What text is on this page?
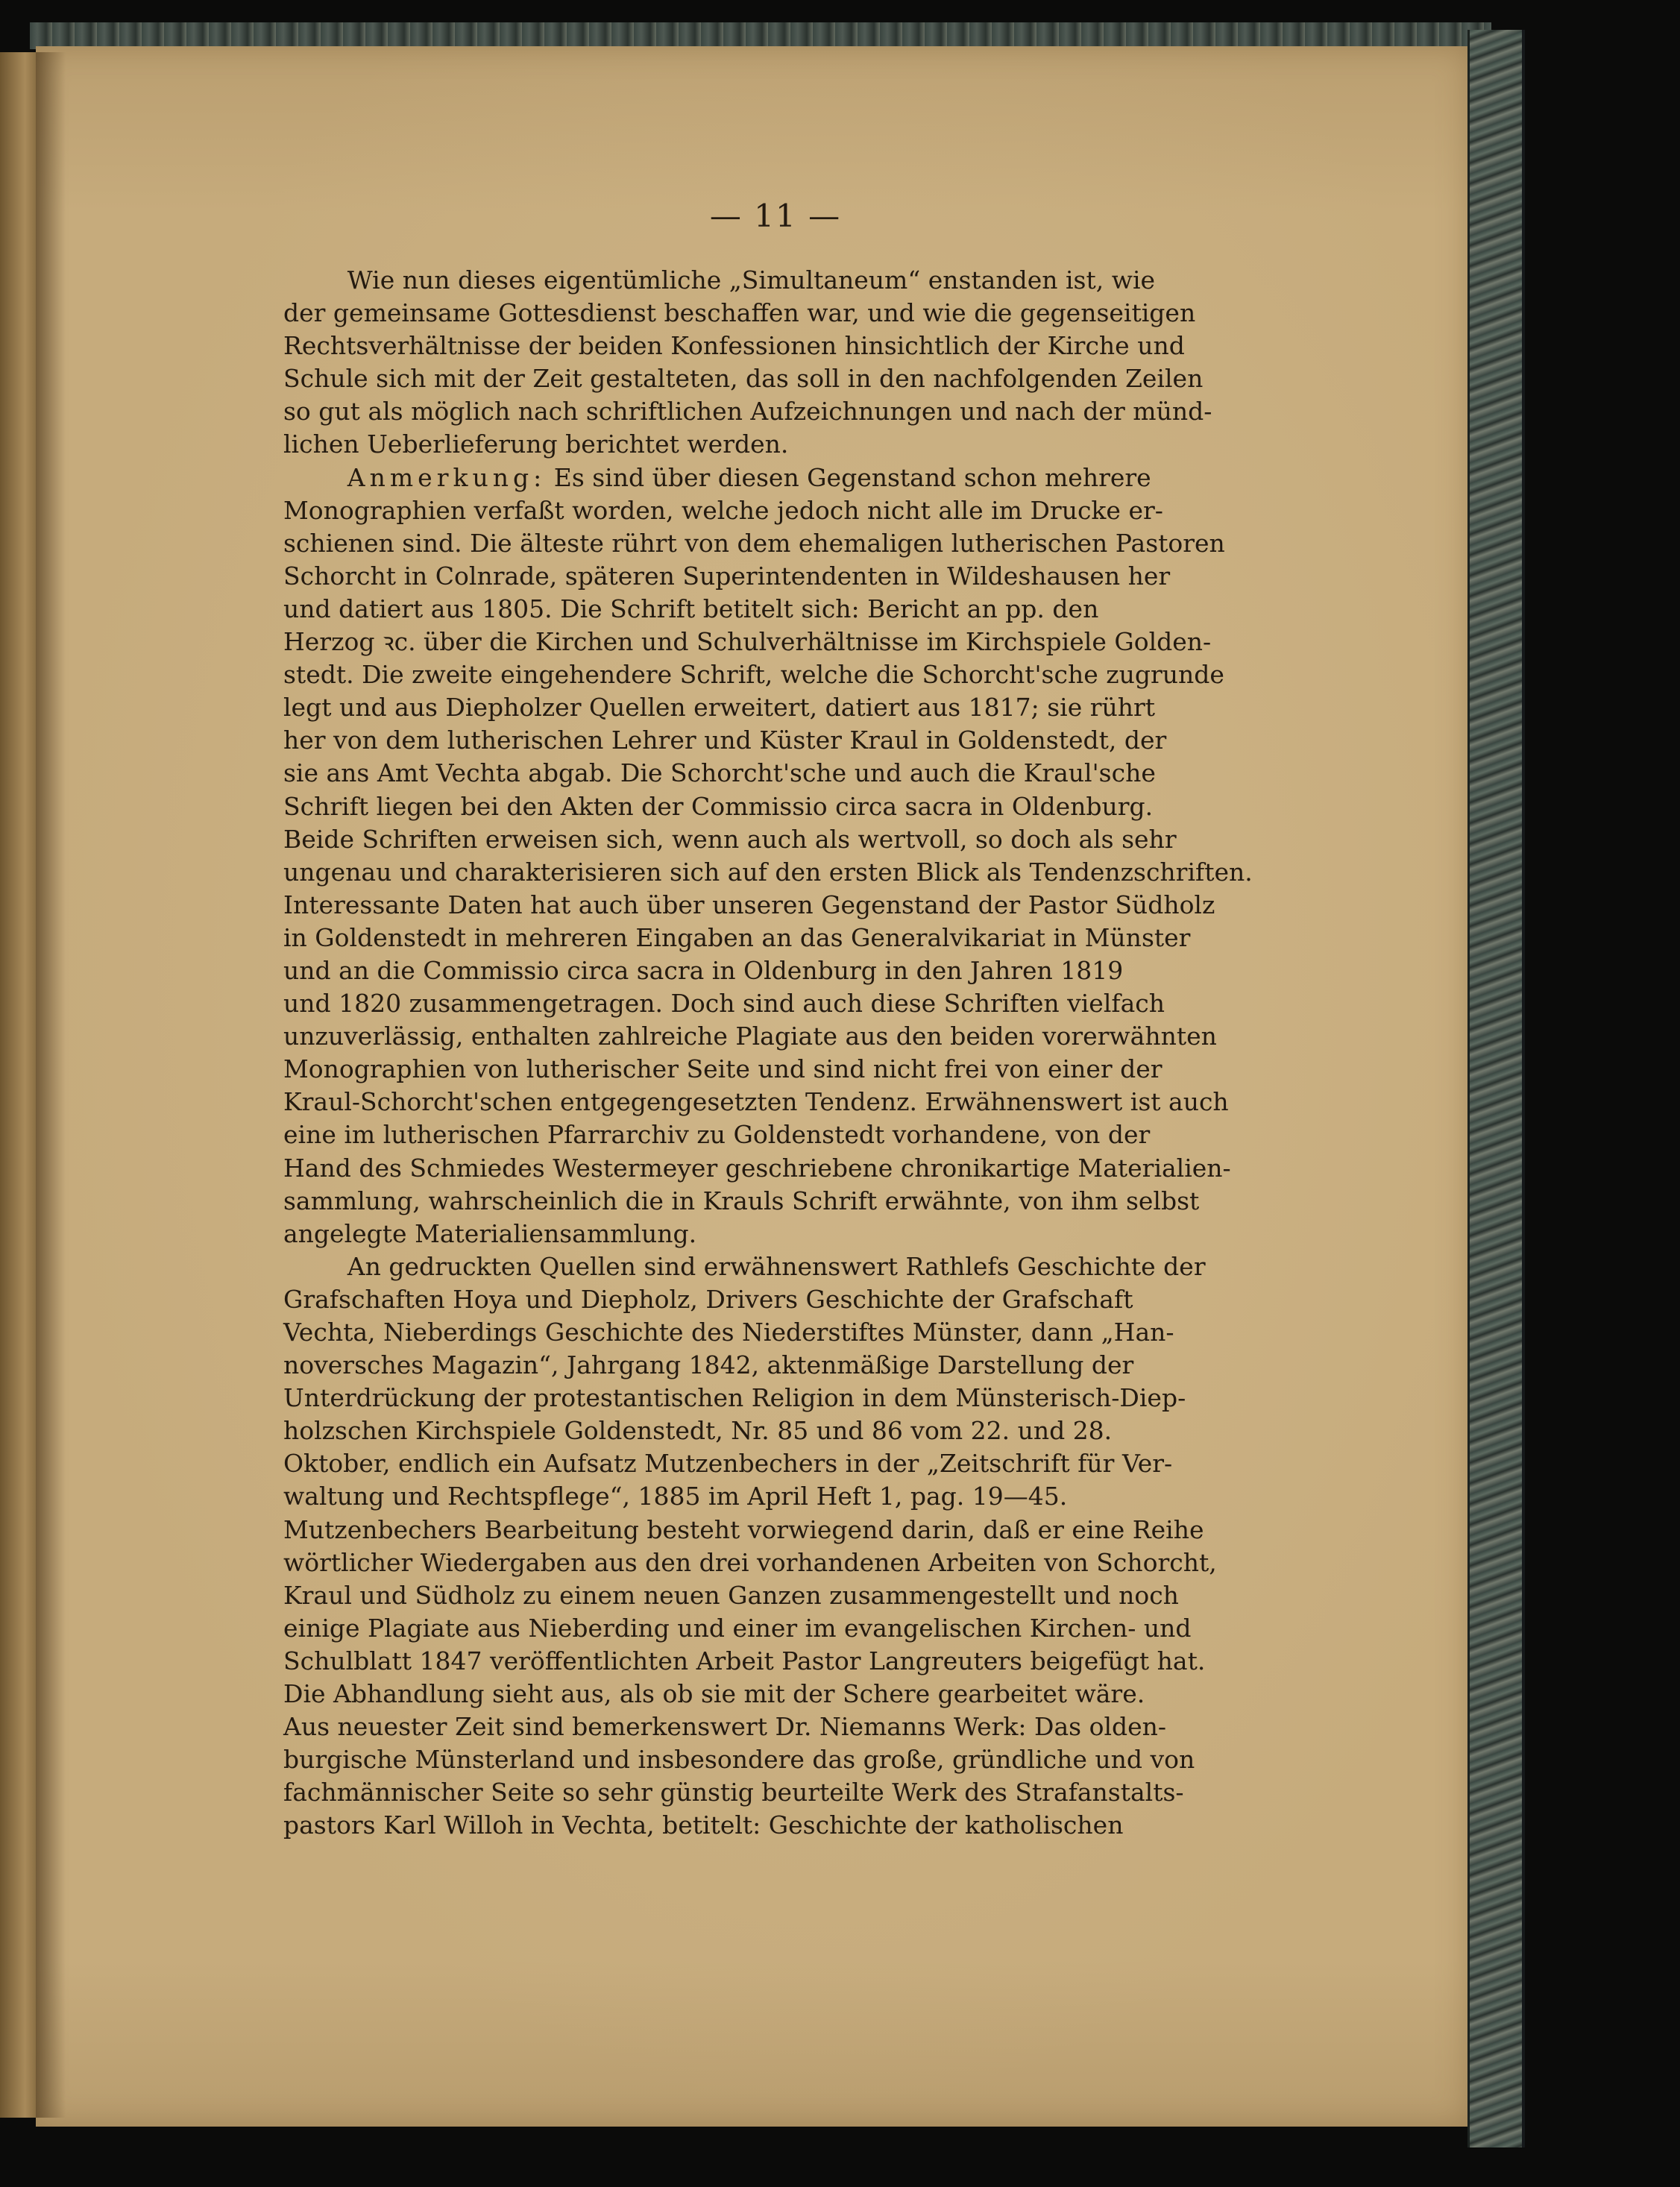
— 11 —

Wie nun dieses eigentümliche „Simultaneum“ enstanden ist, wie
der gemeinsame Gottesdienst beschaffen war, und wie die gegenseitigen
Rechtsverhältnisse der beiden Konfessionen hinsichtlich der Kirche und
Schule sich mit der Zeit gestalteten, das soll in den nachfolgenden Zeilen
so gut als möglich nach schriftlichen Aufzeichnungen und nach der münd-
lichen Ueberlieferung berichtet werden.

Anmerkung: Es sind über diesen Gegenstand schon mehrere
Monographien verfaßt worden, welche jedoch nicht alle im Drucke er-
schienen sind. Die älteste rührt von dem ehemaligen lutherischen Pastoren
Schorcht in Colnrade, späteren Superintendenten in Wildeshausen her
und datiert aus 1805. Die Schrift betitelt sich: Bericht an pp. den
Herzog ꝛc. über die Kirchen und Schulverhältnisse im Kirchspiele Golden-
stedt. Die zweite eingehendere Schrift, welche die Schorcht'sche zugrunde
legt und aus Diepholzer Quellen erweitert, datiert aus 1817; sie rührt
her von dem lutherischen Lehrer und Küster Kraul in Goldenstedt, der
sie ans Amt Vechta abgab. Die Schorcht'sche und auch die Kraul'sche
Schrift liegen bei den Akten der Commissio circa sacra in Oldenburg.
Beide Schriften erweisen sich, wenn auch als wertvoll, so doch als sehr
ungenau und charakterisieren sich auf den ersten Blick als Tendenzschriften.
Interessante Daten hat auch über unseren Gegenstand der Pastor Südholz
in Goldenstedt in mehreren Eingaben an das Generalvikariat in Münster
und an die Commissio circa sacra in Oldenburg in den Jahren 1819
und 1820 zusammengetragen. Doch sind auch diese Schriften vielfach
unzuverlässig, enthalten zahlreiche Plagiate aus den beiden vorerwähnten
Monographien von lutherischer Seite und sind nicht frei von einer der
Kraul-Schorcht'schen entgegengesetzten Tendenz. Erwähnenswert ist auch
eine im lutherischen Pfarrarchiv zu Goldenstedt vorhandene, von der
Hand des Schmiedes Westermeyer geschriebene chronikartige Materialien-
sammlung, wahrscheinlich die in Krauls Schrift erwähnte, von ihm selbst
angelegte Materialiensammlung.

An gedruckten Quellen sind erwähnenswert Rathlefs Geschichte der
Grafschaften Hoya und Diepholz, Drivers Geschichte der Grafschaft
Vechta, Nieberdings Geschichte des Niederstiftes Münster, dann „Han-
noversches Magazin“, Jahrgang 1842, aktenmäßige Darstellung der
Unterdrückung der protestantischen Religion in dem Münsterisch-Diep-
holzschen Kirchspiele Goldenstedt, Nr. 85 und 86 vom 22. und 28.
Oktober, endlich ein Aufsatz Mutzenbechers in der „Zeitschrift für Ver-
waltung und Rechtspflege“, 1885 im April Heft 1, pag. 19—45.
Mutzenbechers Bearbeitung besteht vorwiegend darin, daß er eine Reihe
wörtlicher Wiedergaben aus den drei vorhandenen Arbeiten von Schorcht,
Kraul und Südholz zu einem neuen Ganzen zusammengestellt und noch
einige Plagiate aus Nieberding und einer im evangelischen Kirchen- und
Schulblatt 1847 veröffentlichten Arbeit Pastor Langreuters beigefügt hat.
Die Abhandlung sieht aus, als ob sie mit der Schere gearbeitet wäre.
Aus neuester Zeit sind bemerkenswert Dr. Niemanns Werk: Das olden-
burgische Münsterland und insbesondere das große, gründliche und von
fachmännischer Seite so sehr günstig beurteilte Werk des Strafanstalts-
pastors Karl Willoh in Vechta, betitelt: Geschichte der katholischen
